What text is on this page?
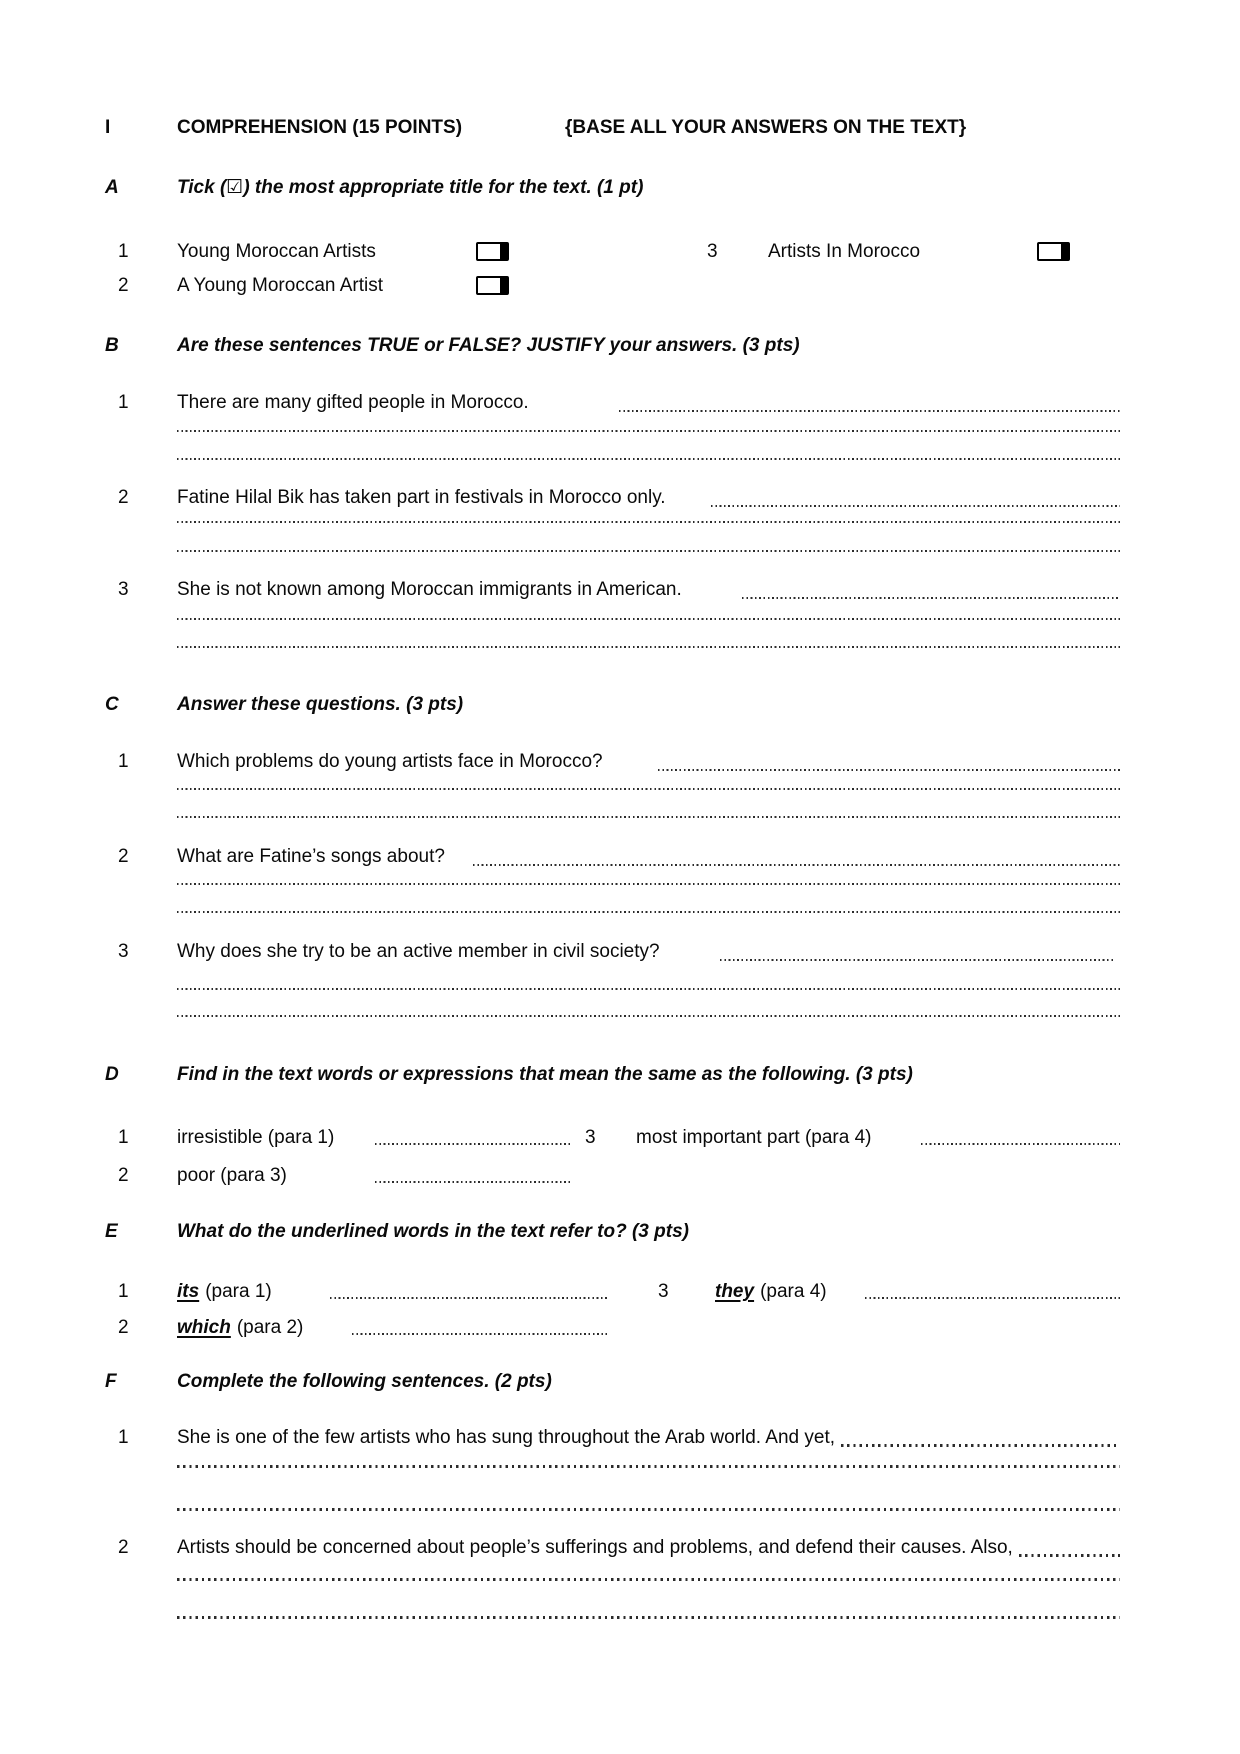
I	COMPREHENSION (15 POINTS)	{BASE ALL YOUR ANSWERS ON THE TEXT}
A	Tick (☑) the most appropriate title for the text. (1 pt)
1	Young Moroccan Artists	3	Artists In Morocco
2	A Young Moroccan Artist
B	Are these sentences TRUE or FALSE? JUSTIFY your answers. (3 pts)
1	There are many gifted people in Morocco.
2	Fatine Hilal Bik has taken part in festivals in Morocco only.
3	She is not known among Moroccan immigrants in American.
C	Answer these questions. (3 pts)
1	Which problems do young artists face in Morocco?
2	What are Fatine’s songs about?
3	Why does she try to be an active member in civil society?
D	Find in the text words or expressions that mean the same as the following. (3 pts)
1	irresistible (para 1)	3 most important part (para 4)
2	poor (para 3)
E	What do the underlined words in the text refer to? (3 pts)
1	its (para 1)	3 they (para 4)
2	which (para 2)
F	Complete the following sentences. (2 pts)
1	She is one of the few artists who has sung throughout the Arab world. And yet,
2	Artists should be concerned about people’s sufferings and problems, and defend their causes. Also,
